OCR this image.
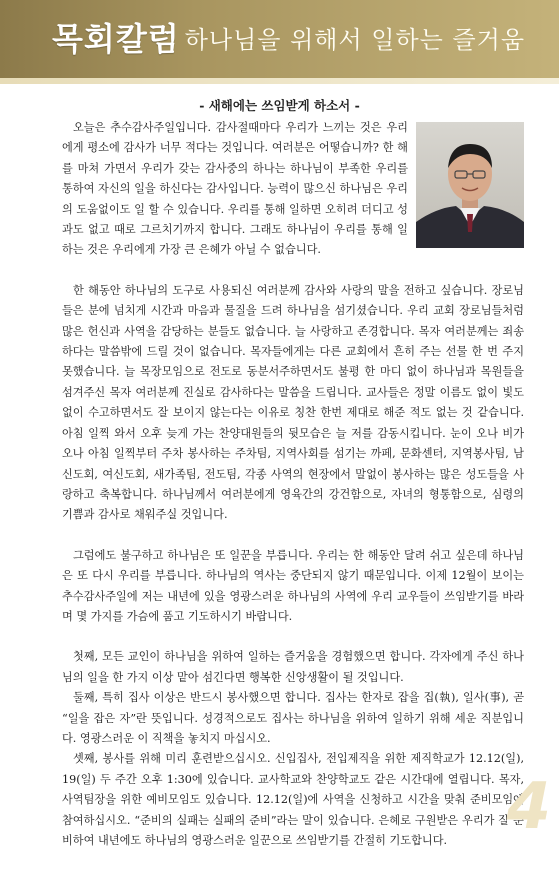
목회칼럼 하나님을 위해서 일하는 즐거움
- 새해에는 쓰임받게 하소서 -

오늘은 추수감사주일입니다. 감사절때마다 우리가 느끼는 것은 우리에게 평소에 감사가 너무 적다는 것입니다. 여러분은 어떻습니까? 한 해를 마쳐 가면서 우리가 갖는 감사중의 하나는 하나님이 부족한 우리를 통하여 자신의 일을 하신다는 감사입니다. 능력이 많으신 하나님은 우리의 도움없이도 일 할 수 있습니다. 우리를 통해 일하면 오히려 더디고 성과도 없고 때로 그르치기까지 합니다. 그래도 하나님이 우리를 통해 일하는 것은 우리에게 가장 큰 은혜가 아닐 수 없습니다.

한 해동안 하나님의 도구로 사용되신 여러분께 감사와 사랑의 말을 전하고 싶습니다. 장로님들은 분에 넘치게 시간과 마음과 물질을 드려 하나님을 섬기셨습니다. 우리 교회 장로님들처럼 많은 헌신과 사역을 감당하는 분들도 없습니다. 늘 사랑하고 존경합니다. 목자 여러분께는 죄송하다는 말씀밖에 드릴 것이 없습니다. 목자들에게는 다른 교회에서 흔히 주는 선물 한 번 주지 못했습니다. 늘 목장모임으로 전도로 동분서주하면서도 불평 한 마디 없이 하나님과 목원들을 섬겨주신 목자 여러분께 진실로 감사하다는 말씀을 드립니다. 교사들은 정말 이름도 없이 빛도 없이 수고하면서도 잘 보이지 않는다는 이유로 칭찬 한번 제대로 해준 적도 없는 것 같습니다. 아침 일찍 와서 오후 늦게 가는 찬양대원들의 뒷모습은 늘 저를 감동시킵니다. 눈이 오나 비가 오나 아침 일찍부터 주차 봉사하는 주차팀, 지역사회를 섬기는 까페, 문화센터, 지역봉사팀, 남신도회, 여신도회, 새가족팀, 전도팀, 각종 사역의 현장에서 말없이 봉사하는 많은 성도들을 사랑하고 축복합니다. 하나님께서 여러분에게 영육간의 강건함으로, 자녀의 형통함으로, 심령의 기쁨과 감사로 채워주실 것입니다.

그럼에도 불구하고 하나님은 또 일꾼을 부릅니다. 우리는 한 해동안 달려 쉬고 싶은데 하나님은 또 다시 우리를 부릅니다. 하나님의 역사는 중단되지 않기 때문입니다. 이제 12월이 보이는 추수감사주일에 저는 내년에 있을 영광스러운 하나님의 사역에 우리 교우들이 쓰임받기를 바라며 몇 가지를 가슴에 품고 기도하시기 바랍니다.

첫째, 모든 교인이 하나님을 위하여 일하는 즐거움을 경험했으면 합니다. 각자에게 주신 하나님의 일을 한 가지 이상 맡아 섬긴다면 행복한 신앙생활이 될 것입니다.

둘째, 특히 집사 이상은 반드시 봉사했으면 합니다. 집사는 한자로 잡을 집(執), 일사(事), 곧 “일을 잡은 자”란 뜻입니다. 성경적으로도 집사는 하나님을 위하여 일하기 위해 세운 직분입니다. 영광스러운 이 직책을 놓치지 마십시오.

셋째, 봉사를 위해 미리 훈련받으십시오. 신입집사, 전입제직을 위한 제직학교가 12.12(일), 19(일) 두 주간 오후 1:30에 있습니다. 교사학교와 찬양학교도 같은 시간대에 열립니다. 목자, 사역팀장을 위한 예비모임도 있습니다. 12.12(일)에 사역을 신청하고 시간을 맞춰 준비모임에 참여하십시오. “준비의 실패는 실패의 준비”라는 말이 있습니다. 은혜로 구원받은 우리가 잘 준비하여 내년에도 하나님의 영광스러운 일꾼으로 쓰임받기를 간절히 기도합니다. 4
